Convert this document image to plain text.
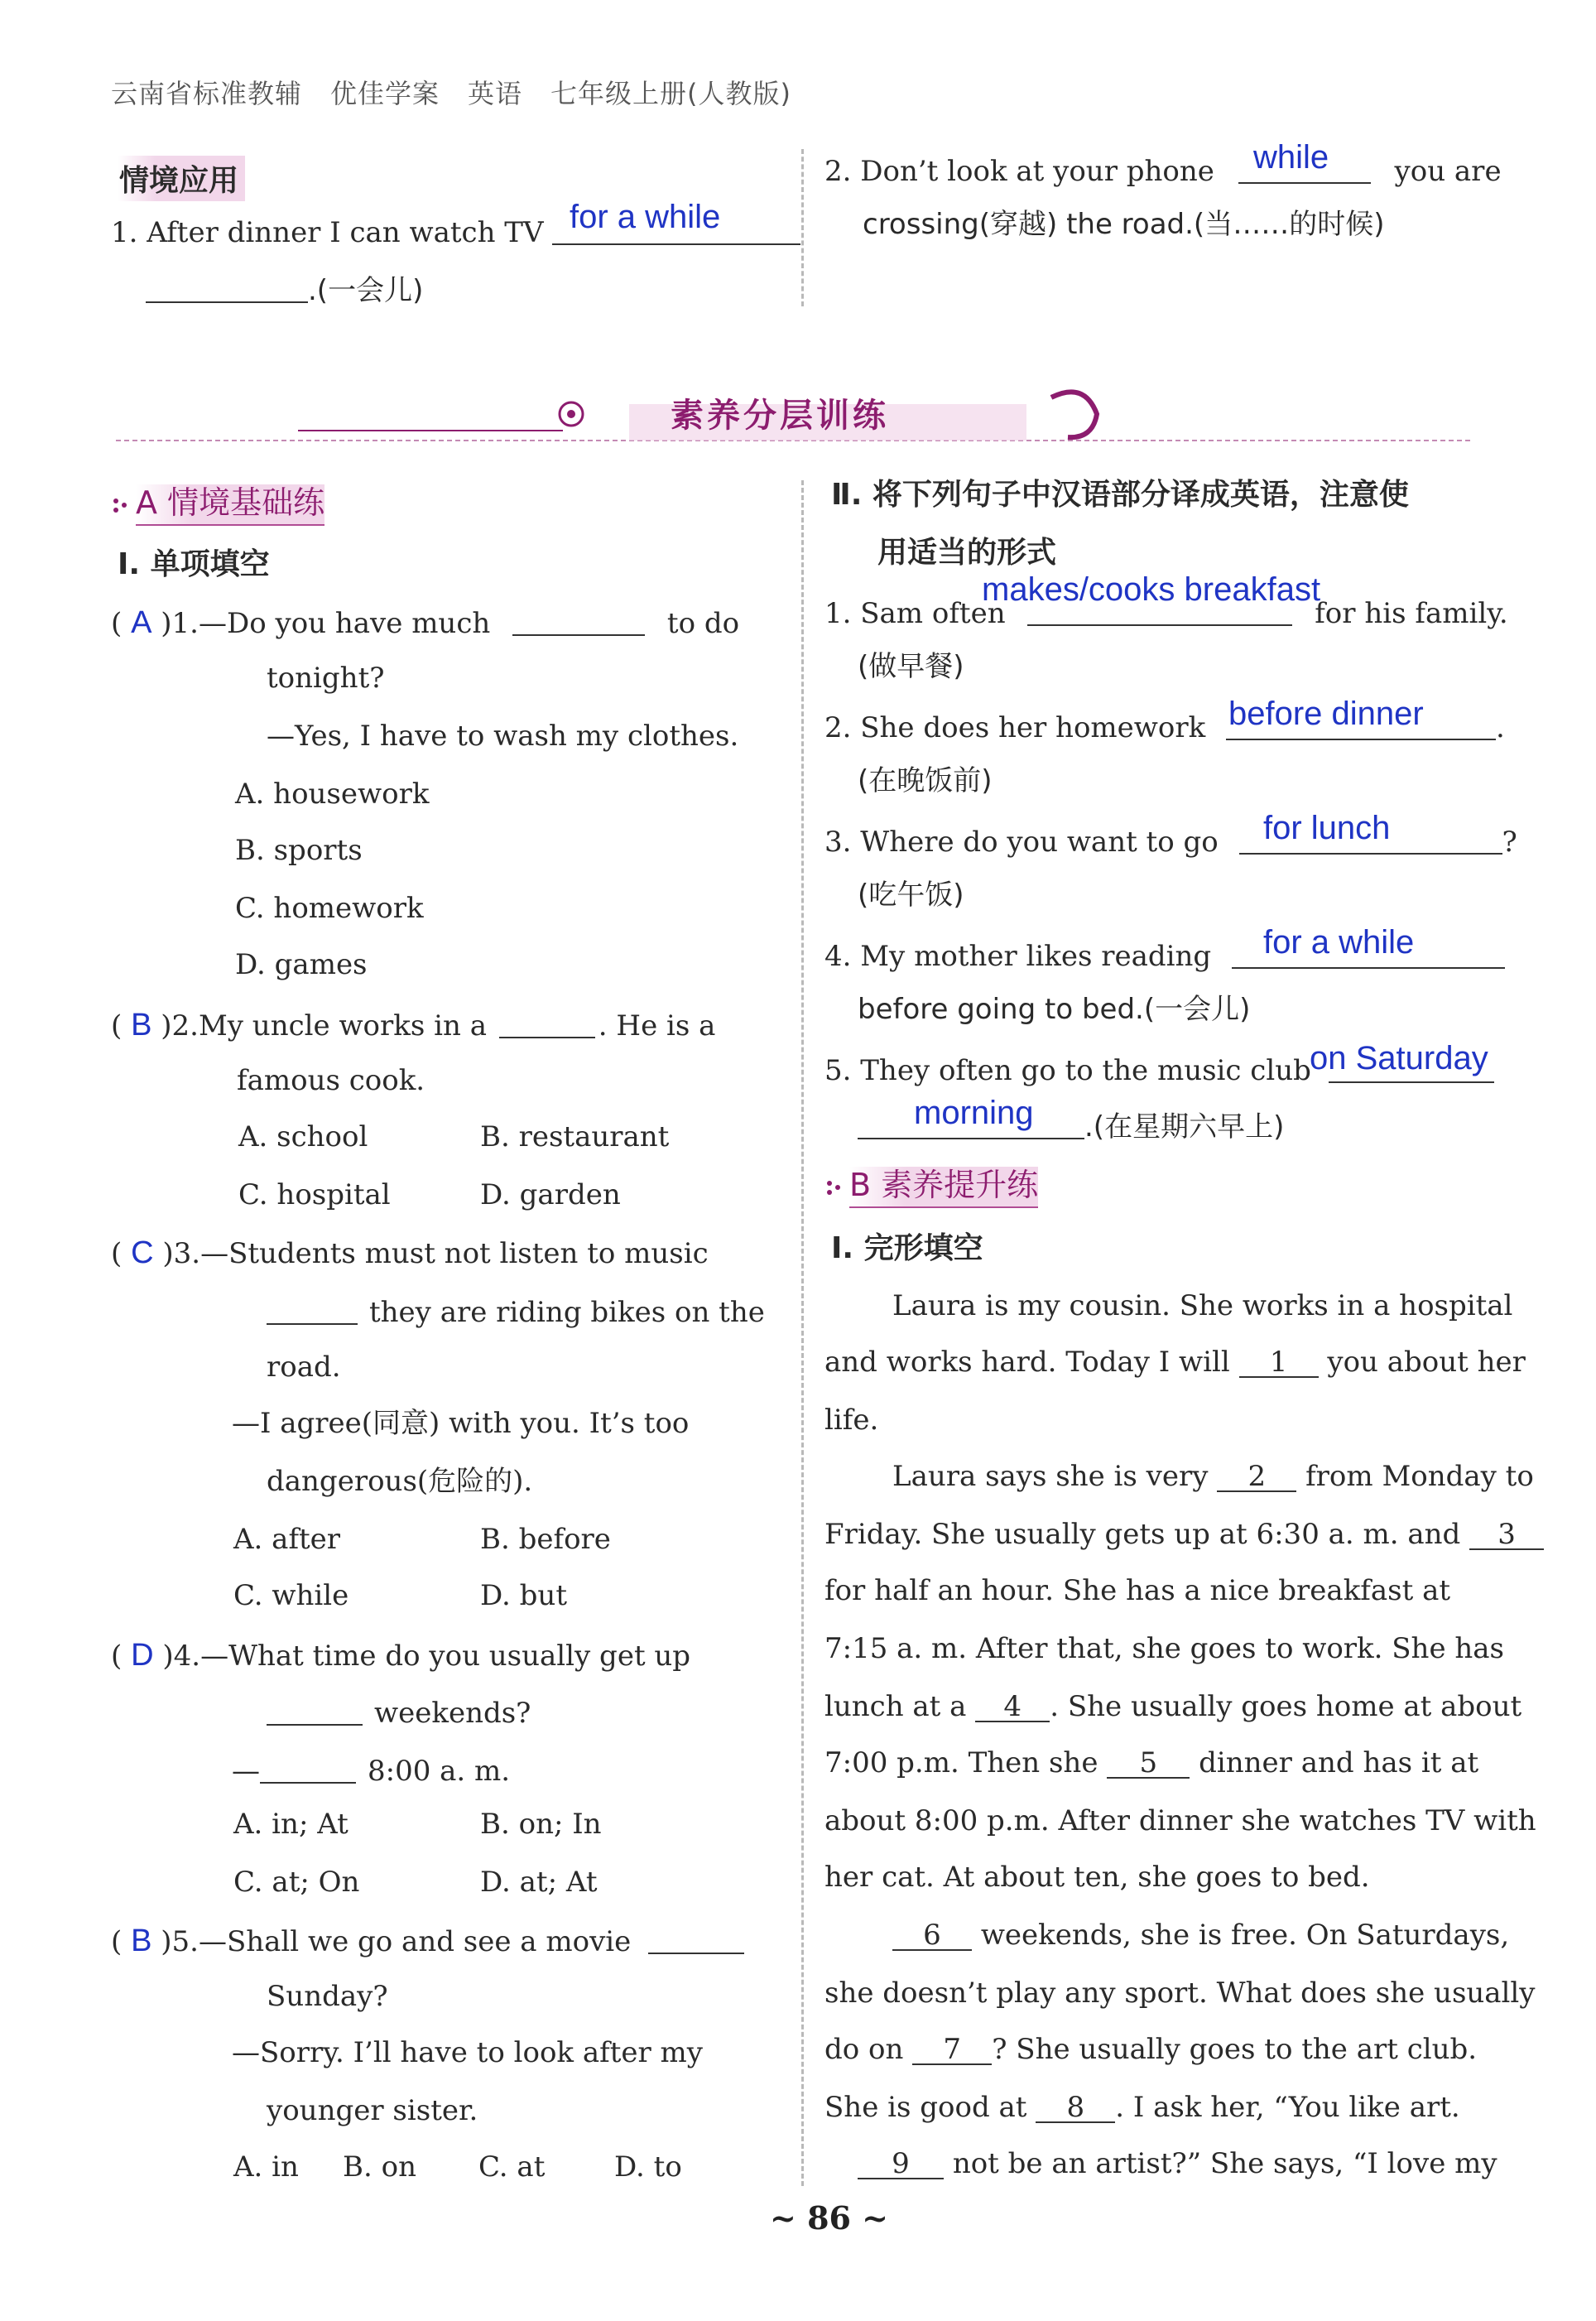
云南省标准教辅 优佳学案 英语 七年级上册(人教版)
情境应用
1. After dinner I can watch TV for a while
.(一会儿)
2. Don’t look at your phone	you are
while
crossing(穿越) the road.(当……的时候)
素养分层训练
A 情境基础练
Ⅰ. 单项填空
( A )1.—Do you have much	to do
tonight?
—Yes, I have to wash my clothes.
A. housework
B. sports
C. homework
D. games
( B )2.My uncle works in a	. He is a
famous cook.
A. school	B. restaurant
C. hospital	D. garden
( C )3.—Students must not listen to music
they are riding bikes on the
road.
—I agree(同意) with you. It’s too
dangerous(危险的).
A. after	B. before
C. while	D. but
( D )4.—What time do you usually get up
weekends?
—	8:00 a. m.
A. in; At	B. on; In
C. at; On	D. at; At
( B )5.—Shall we go and see a movie
Sunday?
—Sorry. I’ll have to look after my
younger sister.
A. in B. on C. at D. to
Ⅱ. 将下列句子中汉语部分译成英语，注意使
用适当的形式
1. Sam often	for his family.
makes/cooks breakfast
(做早餐)
2. She does her homework	.
before dinner
(在晚饭前)
3. Where do you want to go	?
for lunch
(吃午饭)
4. My mother likes reading	for a while
before going to bed.(一会儿)
5. They often go to the music club
on Saturday
.(在星期六早上)
morning
B 素养提升练
Ⅰ. 完形填空
Laura is my cousin. She works in a hospital
and works hard. Today I will 1 you about her
life.
Laura says she is very 2 from Monday to
Friday. She usually gets up at 6:30 a. m. and 3
for half an hour. She has a nice breakfast at
7:15 a. m. After that, she goes to work. She has
lunch at a 4 . She usually goes home at about
7:00 p.m. Then she 5 dinner and has it at
about 8:00 p.m. After dinner she watches TV with
her cat. At about ten, she goes to bed.
6 weekends, she is free. On Saturdays,
she doesn’t play any sport. What does she usually
do on 7 ? She usually goes to the art club.
She is good at 8 . I ask her, “You like art.
9 not be an artist?” She says, “I love my
~ 86 ~
